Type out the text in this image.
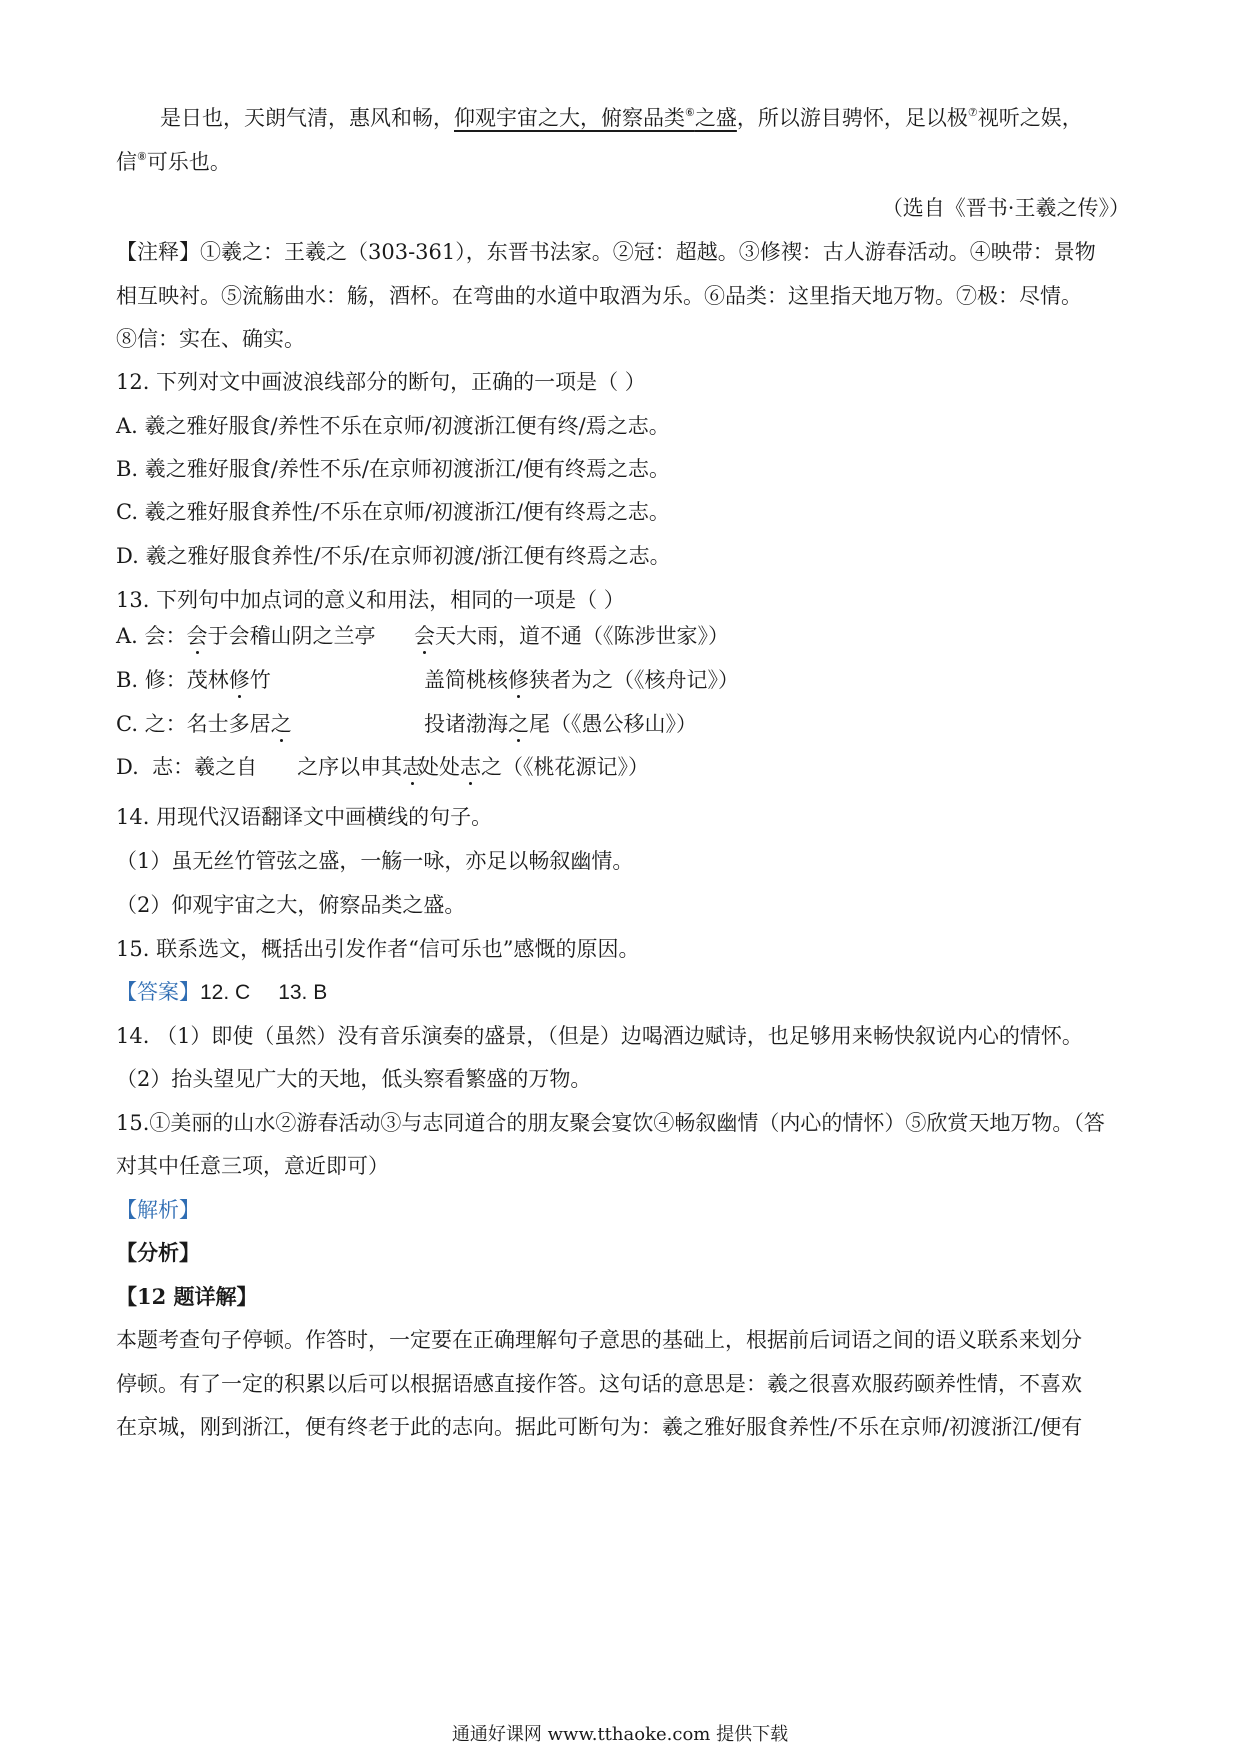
是日也，天朗气清，惠风和畅，仰观宇宙之大，俯察品类⑥之盛，所以游目骋怀，足以极⑦视听之娱，
信⑧可乐也。
（选自《晋书·王羲之传》）
【注释】①羲之：王羲之（303-361），东晋书法家。②冠：超越。③修禊：古人游春活动。④映带：景物
相互映衬。⑤流觞曲水：觞，酒杯。在弯曲的水道中取酒为乐。⑥品类：这里指天地万物。⑦极：尽情。
⑧信：实在、确实。
12. 下列对文中画波浪线部分的断句，正确的一项是（ ）
A. 羲之雅好服食/养性不乐在京师/初渡浙江便有终/焉之志。
B. 羲之雅好服食/养性不乐/在京师初渡浙江/便有终焉之志。
C. 羲之雅好服食养性/不乐在京师/初渡浙江/便有终焉之志。
D. 羲之雅好服食养性/不乐/在京师初渡/浙江便有终焉之志。
13. 下列句中加点词的意义和用法，相同的一项是（ ）
A. 会：会于会稽山阴之兰亭 会天大雨，道不通（《陈涉世家》）
B. 修：茂林修竹	盖简桃核修狭者为之（《核舟记》）
C. 之：名士多居之	投诸渤海之尾（《愚公移山》）
D.  志：羲之自      之序以申其志
处处志之（《桃花源记》）
14. 用现代汉语翻译文中画横线的句子。
（1）虽无丝竹管弦之盛，一觞一咏，亦足以畅叙幽情。
（2）仰观宇宙之大，俯察品类之盛。
15. 联系选文，概括出引发作者“信可乐也”感慨的原因。
【答案】12. C 13. B
14. （1）即使（虽然）没有音乐演奏的盛景，（但是）边喝酒边赋诗，也足够用来畅快叙说内心的情怀。
（2）抬头望见广大的天地，低头察看繁盛的万物。
15.①美丽的山水②游春活动③与志同道合的朋友聚会宴饮④畅叙幽情（内心的情怀）⑤欣赏天地万物。（答
对其中任意三项，意近即可）
【解析】
【分析】
【12 题详解】
本题考查句子停顿。作答时，一定要在正确理解句子意思的基础上，根据前后词语之间的语义联系来划分
停顿。有了一定的积累以后可以根据语感直接作答。这句话的意思是：羲之很喜欢服药颐养性情，不喜欢
在京城，刚到浙江，便有终老于此的志向。据此可断句为：羲之雅好服食养性/不乐在京师/初渡浙江/便有
通通好课网 www.tthaoke.com 提供下载
